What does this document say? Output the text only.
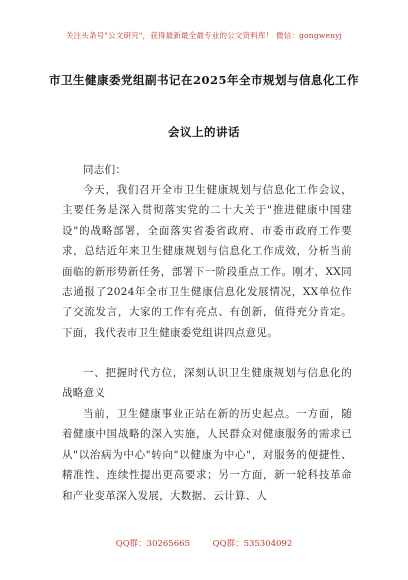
关注头条号"公文研究"，获得最新最全最专业的公文资料库！ 微信：gongwenyj
市卫生健康委党组副书记在2025年全市规划与信息化工作
会议上的讲话
同志们：
今天，我们召开全市卫生健康规划与信息化工作会议，主要任务是深入贯彻落实党的二十大关于"推进健康中国建设"的战略部署，全面落实省委省政府、市委市政府工作要求，总结近年来卫生健康规划与信息化工作成效，分析当前面临的新形势新任务，部署下一阶段重点工作。刚才，XX同志通报了2024年全市卫生健康信息化发展情况，XX单位作了交流发言，大家的工作有亮点、有创新，值得充分肯定。下面，我代表市卫生健康委党组讲四点意见。
一、把握时代方位，深刻认识卫生健康规划与信息化的战略意义
当前，卫生健康事业正站在新的历史起点。一方面，随着健康中国战略的深入实施，人民群众对健康服务的需求已从"以治病为中心"转向"以健康为中心"，对服务的便捷性、精准性、连续性提出更高要求；另一方面，新一轮科技革命和产业变革深入发展，大数据、云计算、人
QQ群：30265665	QQ群：535304092
